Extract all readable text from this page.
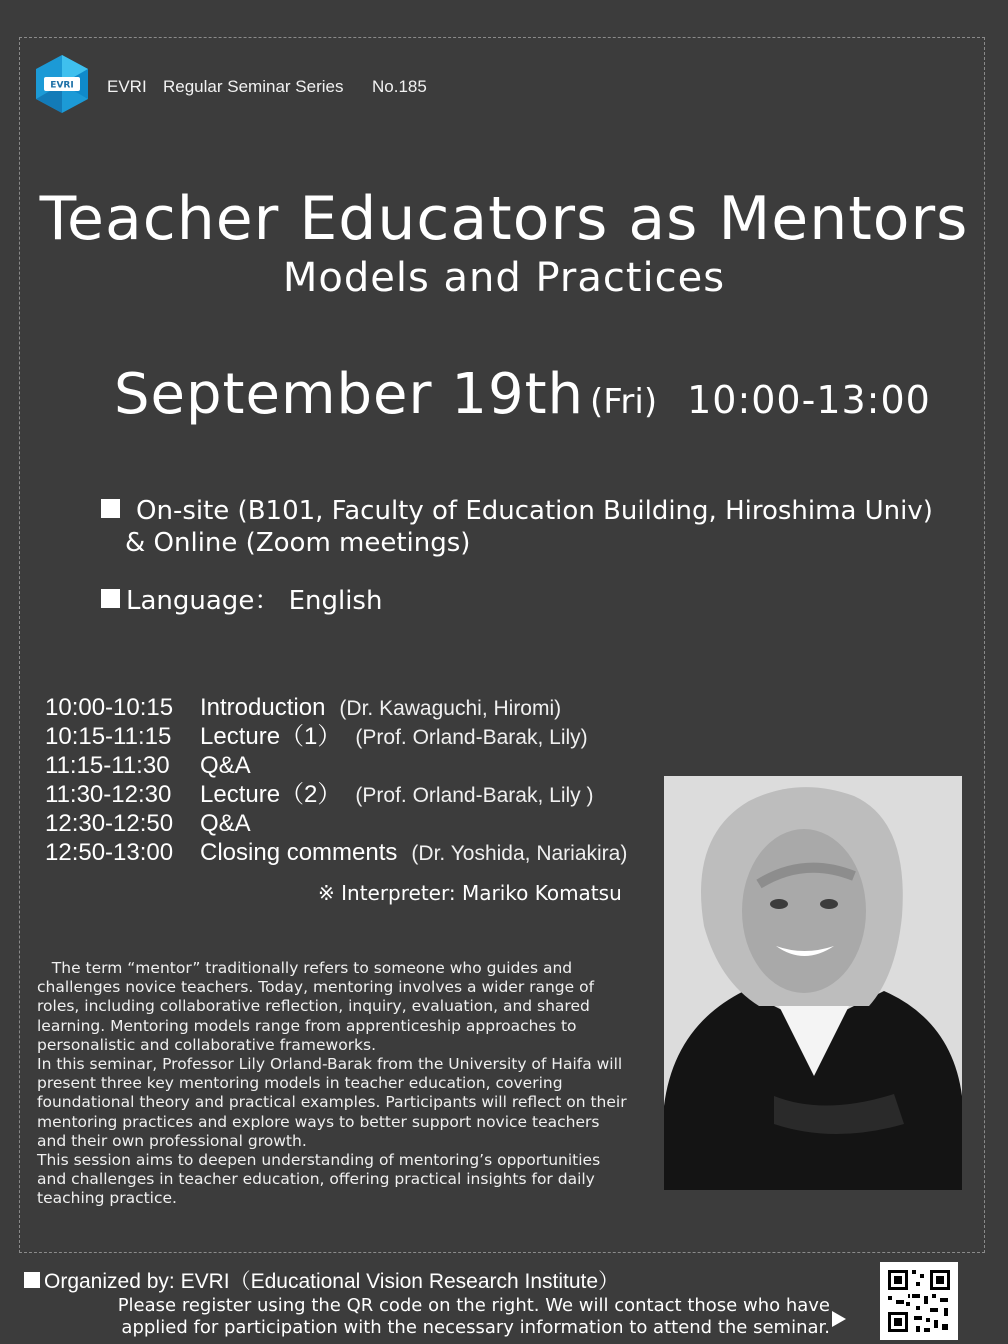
EVRI EVRI Regular Seminar Series No.185
Teacher Educators as Mentors
Models and Practices
September 19th (Fri) 10:00-13:00
On-site (B101, Faculty of Education Building, Hiroshima Univ)
& Online (Zoom meetings)
Language： English
10:00-10:15 Introduction (Dr. Kawaguchi, Hiromi)
10:15-11:15 Lecture（1） (Prof. Orland-Barak, Lily)
11:15-11:30 Q&A
11:30-12:30 Lecture（2） (Prof. Orland-Barak, Lily )
12:30-12:50 Q&A
12:50-13:00 Closing comments (Dr. Yoshida, Nariakira)
※ Interpreter: Mariko Komatsu

The term “mentor” traditionally refers to someone who guides and challenges novice teachers. Today, mentoring involves a wider range of roles, including collaborative reflection, inquiry, evaluation, and shared learning. Mentoring models range from apprenticeship approaches to personalistic and collaborative frameworks.

In this seminar, Professor Lily Orland-Barak from the University of Haifa will present three key mentoring models in teacher education, covering foundational theory and practical examples. Participants will reflect on their mentoring practices and explore ways to better support novice teachers and their own professional growth.

This session aims to deepen understanding of mentoring’s opportunities and challenges in teacher education, offering practical insights for daily teaching practice.

Organized by: EVRI（Educational Vision Research Institute）
Please register using the QR code on the right. We will contact those who have applied for participation with the necessary information to attend the seminar.
